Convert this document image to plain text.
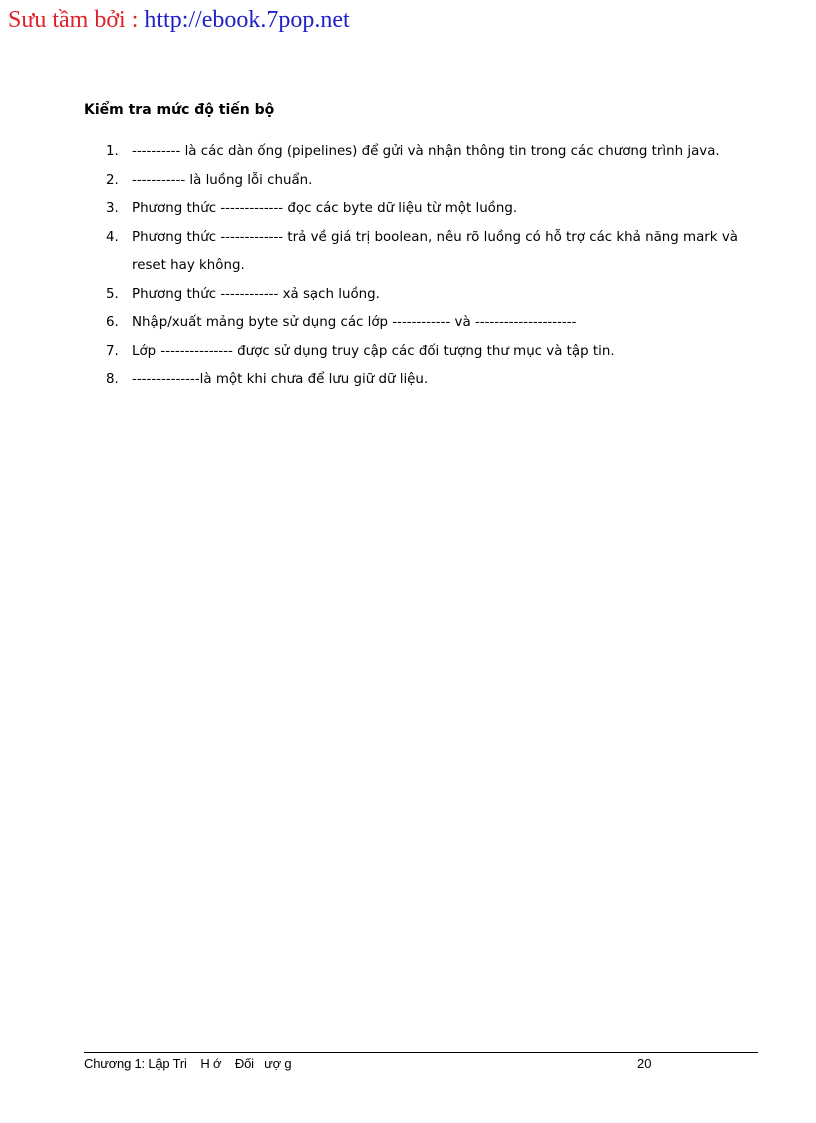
Sưu tầm bởi : http://ebook.7pop.net
Kiểm tra mức độ tiến bộ
1. ---------- là các dàn ống (pipelines) để gửi và nhận thông tin trong các chương trình java.
2. ----------- là luồng lỗi chuẩn.
3. Phương thức ------------- đọc các byte dữ liệu từ một luồng.
4. Phương thức ------------- trả về giá trị boolean, nêu rõ luồng có hỗ trợ các khả năng mark và reset hay không.
5. Phương thức ------------ xả sạch luồng.
6. Nhập/xuất mảng byte sử dụng các lớp ------------ và ---------------------
7. Lớp --------------- được sử dụng truy cập các đối tượng thư mục và tập tin.
8. --------------là một khi chưa để lưu giữ dữ liệu.
Chương 1: Lập Tri    H ớ    Đối   ượ g	20
